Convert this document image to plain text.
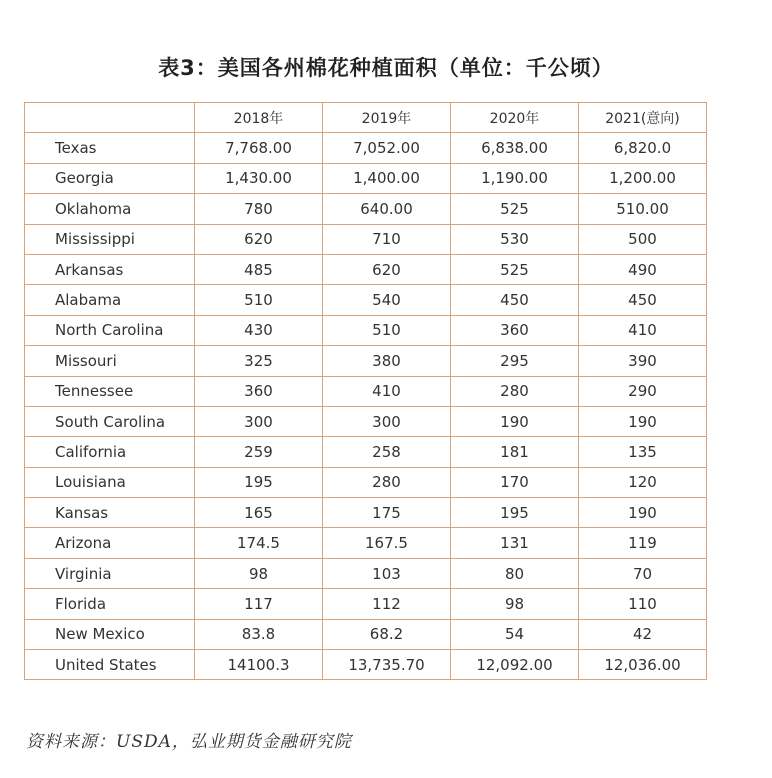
表3：美国各州棉花种植面积（单位：千公顷）
	2018年	2019年	2020年	2021(意向)
Texas	7,768.00	7,052.00	6,838.00	6,820.0
Georgia	1,430.00	1,400.00	1,190.00	1,200.00
Oklahoma	780	640.00	525	510.00
Mississippi	620	710	530	500
Arkansas	485	620	525	490
Alabama	510	540	450	450
North Carolina	430	510	360	410
Missouri	325	380	295	390
Tennessee	360	410	280	290
South Carolina	300	300	190	190
California	259	258	181	135
Louisiana	195	280	170	120
Kansas	165	175	195	190
Arizona	174.5	167.5	131	119
Virginia	98	103	80	70
Florida	117	112	98	110
New Mexico	83.8	68.2	54	42
United States	14100.3	13,735.70	12,092.00	12,036.00
资料来源：USDA，弘业期货金融研究院
